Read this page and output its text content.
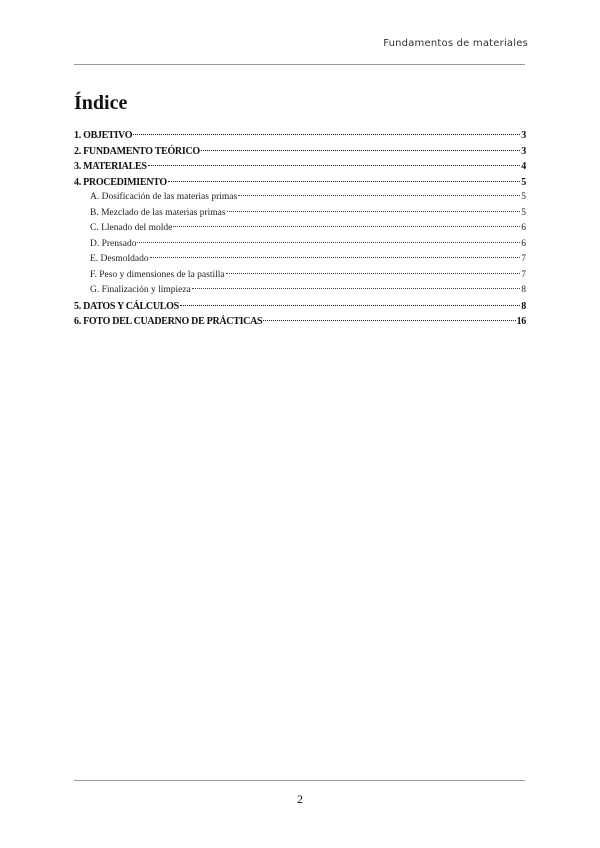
Fundamentos de materiales
Índice
1. OBJETIVO	3
2. FUNDAMENTO TEÓRICO	3
3. MATERIALES	4
4. PROCEDIMIENTO	5
A. Dosificación de las materias primas	5
B. Mezclado de las materias primas	5
C. Llenado del molde	6
D. Prensado	6
E. Desmoldado	7
F. Peso y dimensiones de la pastilla	7
G. Finalización y limpieza	8
5. DATOS Y CÁLCULOS	8
6. FOTO DEL CUADERNO DE PRÁCTICAS	16
2
